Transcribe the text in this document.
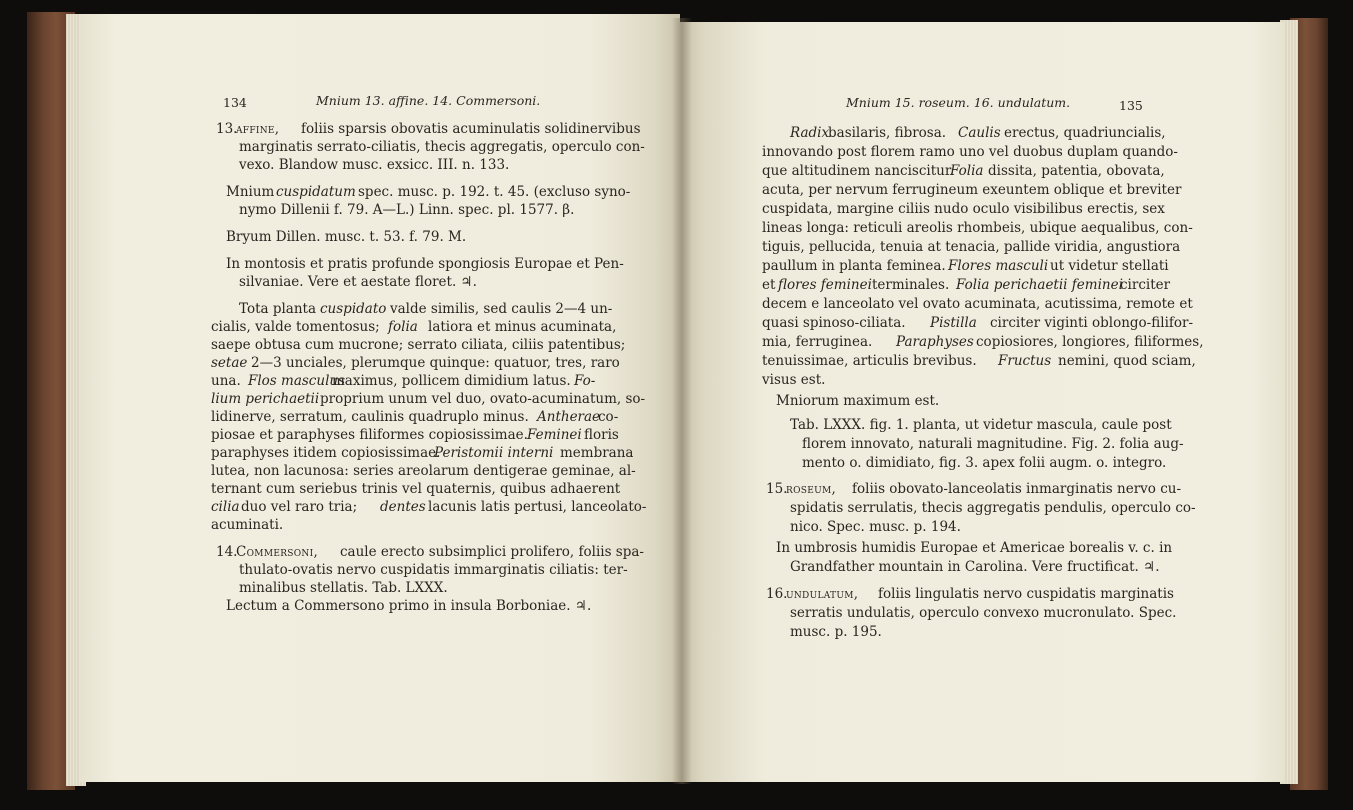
134	Mnium 13. affine. 14. Commersoni.
13.
affine, foliis sparsis obovatis acuminulatis solidinervibus
marginatis serrato-ciliatis, thecis aggregatis, operculo con-
vexo. Blandow musc. exsicc. III. n. 133.
Mnium cuspidatum spec. musc. p. 192. t. 45. (excluso syno-
nymo Dillenii f. 79. A—L.) Linn. spec. pl. 1577. β.
Bryum Dillen. musc. t. 53. f. 79. M.
In montosis et pratis profunde spongiosis Europae et Pen-
silvaniae. Vere et aestate floret. ♃.
Tota planta cuspidato valde similis, sed caulis 2—4 un-
cialis, valde tomentosus; folia latiora et minus acuminata,
saepe obtusa cum mucrone; serrato ciliata, ciliis patentibus;
setae 2—3 unciales, plerumque quinque: quatuor, tres, raro
una. Flos masculus
maximus, pollicem dimidium latus. Fo-
lium perichaetii proprium unum vel duo, ovato-acuminatum, so-
lidinerve, serratum, caulinis quadruplo minus. Antherae
co-
piosae et paraphyses filiformes copiosissimae. Feminei floris
paraphyses itidem copiosissimae.
Peristomii interni membrana
lutea, non lacunosa: series areolarum dentigerae geminae, al-
ternant cum seriebus trinis vel quaternis, quibus adhaerent
cilia duo vel raro tria; dentes lacunis latis pertusi, lanceolato-
acuminati.
14.
Commersoni, caule erecto subsimplici prolifero, foliis spa-
thulato-ovatis nervo cuspidatis immarginatis ciliatis: ter-
minalibus stellatis. Tab. LXXX.
Lectum a Commersono primo in insula Borboniae. ♃.
Mnium 15. roseum. 16. undulatum.	135
Radix
basilaris, fibrosa. Caulis erectus, quadriuncialis,
innovando post florem ramo uno vel duobus duplam quando-
que altitudinem nanciscitur.
Folia dissita, patentia, obovata,
acuta, per nervum ferrugineum exeuntem oblique et breviter
cuspidata, margine ciliis nudo oculo visibilibus erectis, sex
lineas longa: reticuli areolis rhombeis, ubique aequalibus, con-
tiguis, pellucida, tenuia at tenacia, pallide viridia, angustiora
paullum in planta feminea. Flores masculi ut videtur stellati
et flores feminei terminales. Folia perichaetii feminei
circiter
decem e lanceolato vel ovato acuminata, acutissima, remote et
quasi spinoso-ciliata. Pistilla circiter viginti oblongo-filifor-
mia, ferruginea. Paraphyses copiosiores, longiores, filiformes,
tenuissimae, articulis brevibus. Fructus nemini, quod sciam,
visus est.
Mniorum maximum est.
Tab. LXXX. fig. 1. planta, ut videtur mascula, caule post
florem innovato, naturali magnitudine. Fig. 2. folia aug-
mento o. dimidiato, fig. 3. apex folii augm. o. integro.
15.
roseum, foliis obovato-lanceolatis inmarginatis nervo cu-
spidatis serrulatis, thecis aggregatis pendulis, operculo co-
nico. Spec. musc. p. 194.
In umbrosis humidis Europae et Americae borealis v. c. in
Grandfather mountain in Carolina. Vere fructificat. ♃.
16.
undulatum, foliis lingulatis nervo cuspidatis marginatis
serratis undulatis, operculo convexo mucronulato. Spec.
musc. p. 195.
